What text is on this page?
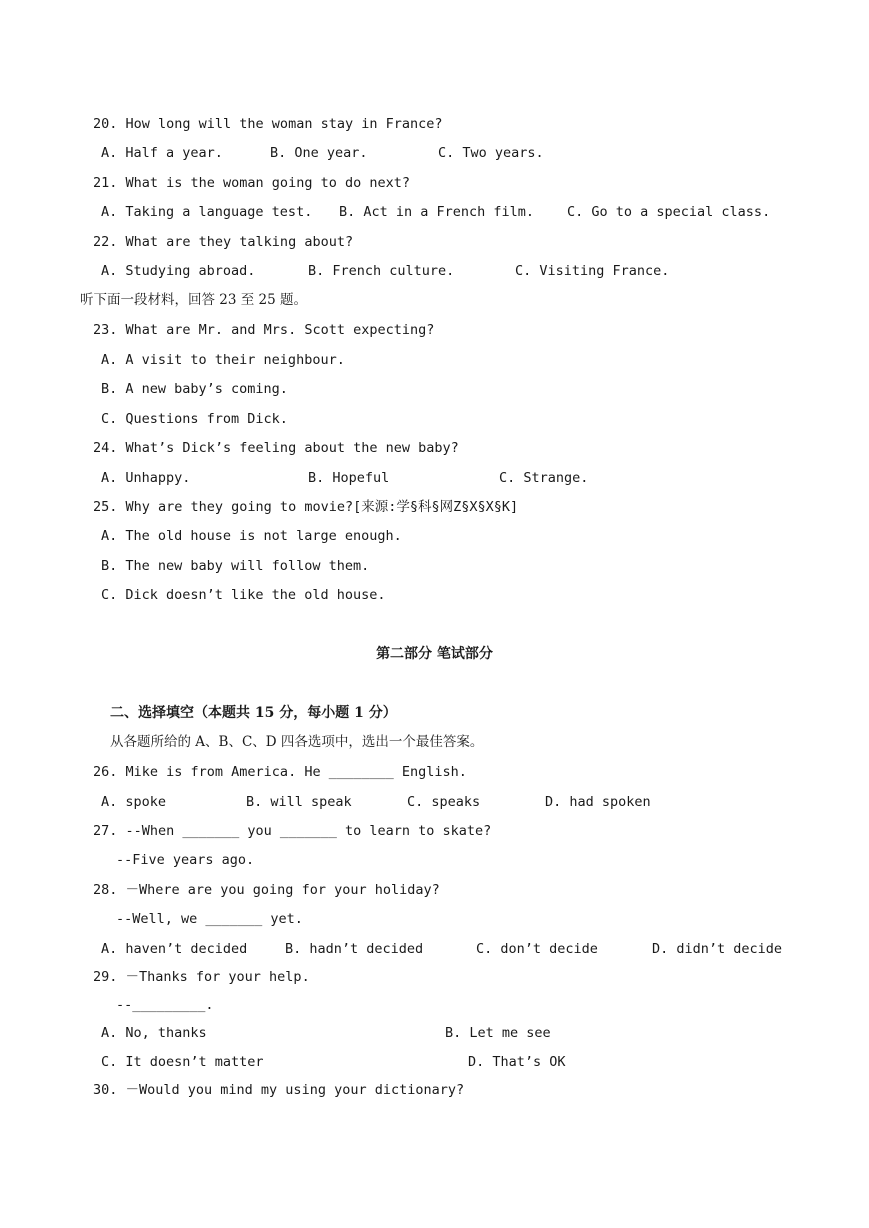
20. How long will the woman stay in France?
A. Half a year.	B. One year.	C. Two years.
21. What is the woman going to do next?
A. Taking a language test. B. Act in a French film. C. Go to a special class.
22. What are they talking about?
A. Studying abroad.	B. French culture.	C. Visiting France.
听下面一段材料，回答 23 至 25 题。
23. What are Mr. and Mrs. Scott expecting?
A. A visit to their neighbour.
B. A new baby’s coming.
C. Questions from Dick.
24. What’s Dick’s feeling about the new baby?
A. Unhappy.	B. Hopeful	C. Strange.
25. Why are they going to movie?[来源:学§科§网Z§X§X§K]
A. The old house is not large enough.
B. The new baby will follow them.
C. Dick doesn’t like the old house.
第二部分 笔试部分
二、选择填空（本题共 15 分，每小题 1 分）
从各题所给的 A、B、C、D 四各选项中，选出一个最佳答案。
26. Mike is from America. He ________ English.
A. spoke	B. will speak	C. speaks	D. had spoken
27. --When _______ you _______ to learn to skate?
--Five years ago.
28. －Where are you going for your holiday?
--Well, we _______ yet.
A. haven’t decided	B. hadn’t decided	C. don’t decide	D. didn’t decide
29. －Thanks for your help.
--_________.
A. No, thanks	B. Let me see
C. It doesn’t matter	D. That’s OK
30. －Would you mind my using your dictionary?
